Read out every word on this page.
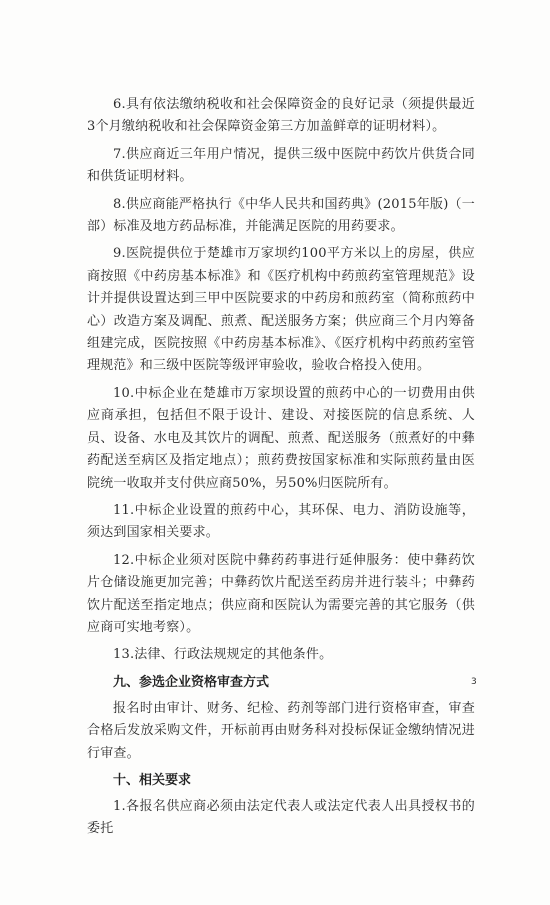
6.具有依法缴纳税收和社会保障资金的良好记录（须提供最近3个月缴纳税收和社会保障资金第三方加盖鲜章的证明材料）。

7.供应商近三年用户情况，提供三级中医院中药饮片供货合同和供货证明材料。

8.供应商能严格执行《中华人民共和国药典》(2015年版)（一部）标准及地方药品标准，并能满足医院的用药要求。

9.医院提供位于楚雄市万家坝约100平方米以上的房屋，供应商按照《中药房基本标准》和《医疗机构中药煎药室管理规范》设计并提供设置达到三甲中医院要求的中药房和煎药室（简称煎药中心）改造方案及调配、煎煮、配送服务方案；供应商三个月内筹备组建完成，医院按照《中药房基本标准》、《医疗机构中药煎药室管理规范》和三级中医院等级评审验收，验收合格投入使用。

10.中标企业在楚雄市万家坝设置的煎药中心的一切费用由供应商承担，包括但不限于设计、建设、对接医院的信息系统、人员、设备、水电及其饮片的调配、煎煮、配送服务（煎煮好的中彝药配送至病区及指定地点）；煎药费按国家标准和实际煎药量由医院统一收取并支付供应商50%，另50%归医院所有。

11.中标企业设置的煎药中心，其环保、电力、消防设施等，须达到国家相关要求。

12.中标企业须对医院中彝药药事进行延伸服务：使中彝药饮片仓储设施更加完善；中彝药饮片配送至药房并进行装斗；中彝药饮片配送至指定地点；供应商和医院认为需要完善的其它服务（供应商可实地考察）。

13.法律、行政法规规定的其他条件。

九、参选企业资格审查方式

报名时由审计、财务、纪检、药剂等部门进行资格审查，审查合格后发放采购文件，开标前再由财务科对投标保证金缴纳情况进行审查。

十、相关要求

1.各报名供应商必须由法定代表人或法定代表人出具授权书的委托

3
